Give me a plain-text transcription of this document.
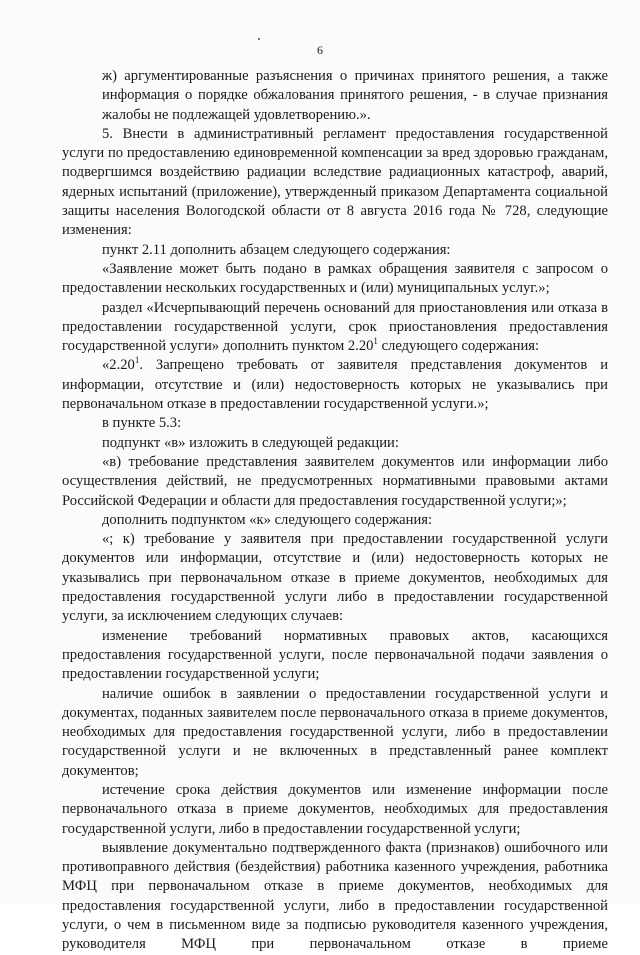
6

ж) аргументированные разъяснения о причинах принятого решения, а также информация о порядке обжалования принятого решения, - в случае признания жалобы не подлежащей удовлетворению.».

5. Внести в административный регламент предоставления государственной услуги по предоставлению единовременной компенсации за вред здоровью гражданам, подвергшимся воздействию радиации вследствие радиационных катастроф, аварий, ядерных испытаний (приложение), утвержденный приказом Департамента социальной защиты населения Вологодской области от 8 августа 2016 года № 728, следующие изменения:

пункт 2.11 дополнить абзацем следующего содержания:

«Заявление может быть подано в рамках обращения заявителя с запросом о предоставлении нескольких государственных и (или) муниципальных услуг.»;

раздел «Исчерпывающий перечень оснований для приостановления или отказа в предоставлении государственной услуги, срок приостановления предоставления государственной услуги» дополнить пунктом 2.20$^1$ следующего содержания:

«2.20$^1$. Запрещено требовать от заявителя представления документов и информации, отсутствие и (или) недостоверность которых не указывались при первоначальном отказе в предоставлении государственной услуги.»;

в пункте 5.3:

подпункт «в» изложить в следующей редакции:

«в) требование представления заявителем документов или информации либо осуществления действий, не предусмотренных нормативными правовыми актами Российской Федерации и области для предоставления государственной услуги;»;

дополнить подпунктом «к» следующего содержания:

«; к) требование у заявителя при предоставлении государственной услуги документов или информации, отсутствие и (или) недостоверность которых не указывались при первоначальном отказе в приеме документов, необходимых для предоставления государственной услуги либо в предоставлении государственной услуги, за исключением следующих случаев:

изменение требований нормативных правовых актов, касающихся предоставления государственной услуги, после первоначальной подачи заявления о предоставлении государственной услуги;

наличие ошибок в заявлении о предоставлении государственной услуги и документах, поданных заявителем после первоначального отказа в приеме документов, необходимых для предоставления государственной услуги, либо в предоставлении государственной услуги и не включенных в представленный ранее комплект документов;

истечение срока действия документов или изменение информации после первоначального отказа в приеме документов, необходимых для предоставления государственной услуги, либо в предоставлении государственной услуги;

выявление документально подтвержденного факта (признаков) ошибочного или противоправного действия (бездействия) работника казенного учреждения, работника МФЦ при первоначальном отказе в приеме документов, необходимых для предоставления государственной услуги, либо в предоставлении государственной услуги, о чем в письменном виде за подписью руководителя казенного учреждения, руководителя МФЦ при первоначальном отказе в приеме
